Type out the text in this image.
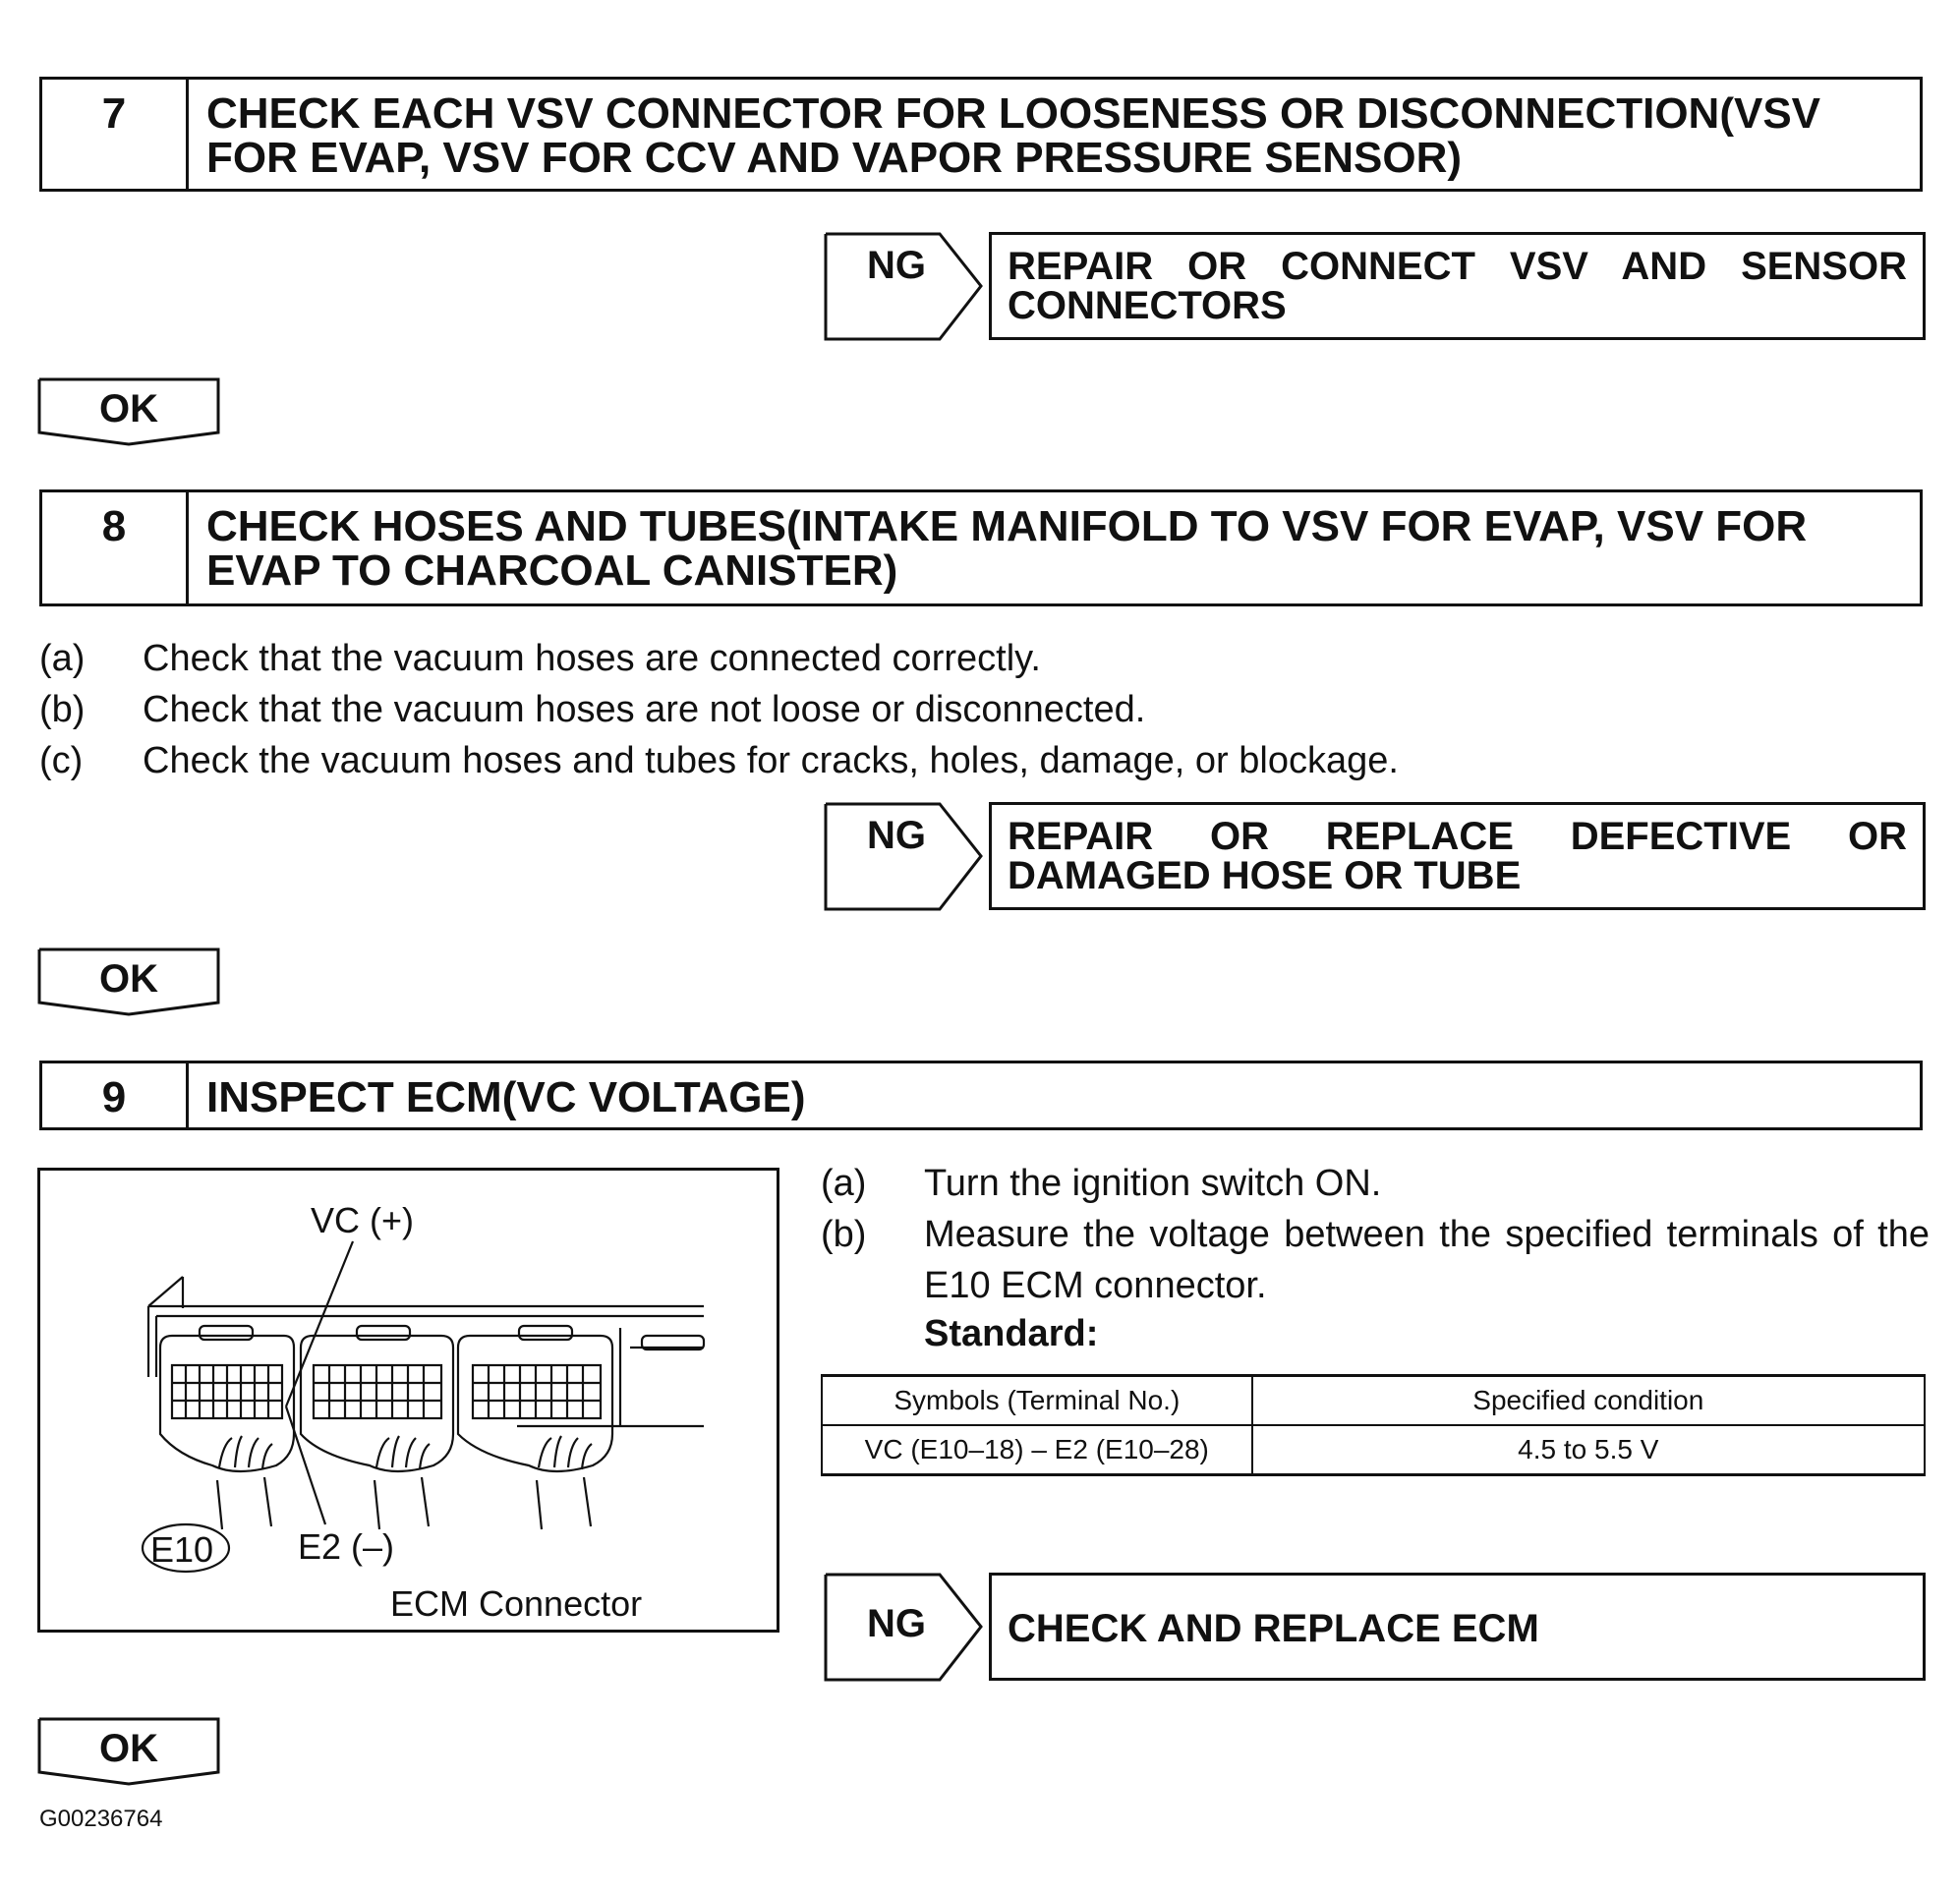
7	CHECK EACH VSV CONNECTOR FOR LOOSENESS OR DISCONNECTION(VSV FOR EVAP, VSV FOR CCV AND VAPOR PRESSURE SENSOR)
NG	REPAIR OR CONNECT VSV AND SENSOR CONNECTORS
OK
8	CHECK HOSES AND TUBES(INTAKE MANIFOLD TO VSV FOR EVAP, VSV FOR EVAP TO CHARCOAL CANISTER)
(a)	Check that the vacuum hoses are connected correctly.
(b)	Check that the vacuum hoses are not loose or disconnected.
(c)	Check the vacuum hoses and tubes for cracks, holes, damage, or blockage.
NG	REPAIR OR REPLACE DEFECTIVE OR DAMAGED HOSE OR TUBE
OK
9	INSPECT ECM(VC VOLTAGE)
VC (+)
E2 (–)
E10
ECM Connector
(a)	Turn the ignition switch ON.
(b)	Measure the voltage between the specified terminals of the E10 ECM connector.
Standard:
Symbols (Terminal No.)	Specified condition
VC (E10–18) – E2 (E10–28)	4.5 to 5.5 V
NG	CHECK AND REPLACE ECM
OK
G00236764
